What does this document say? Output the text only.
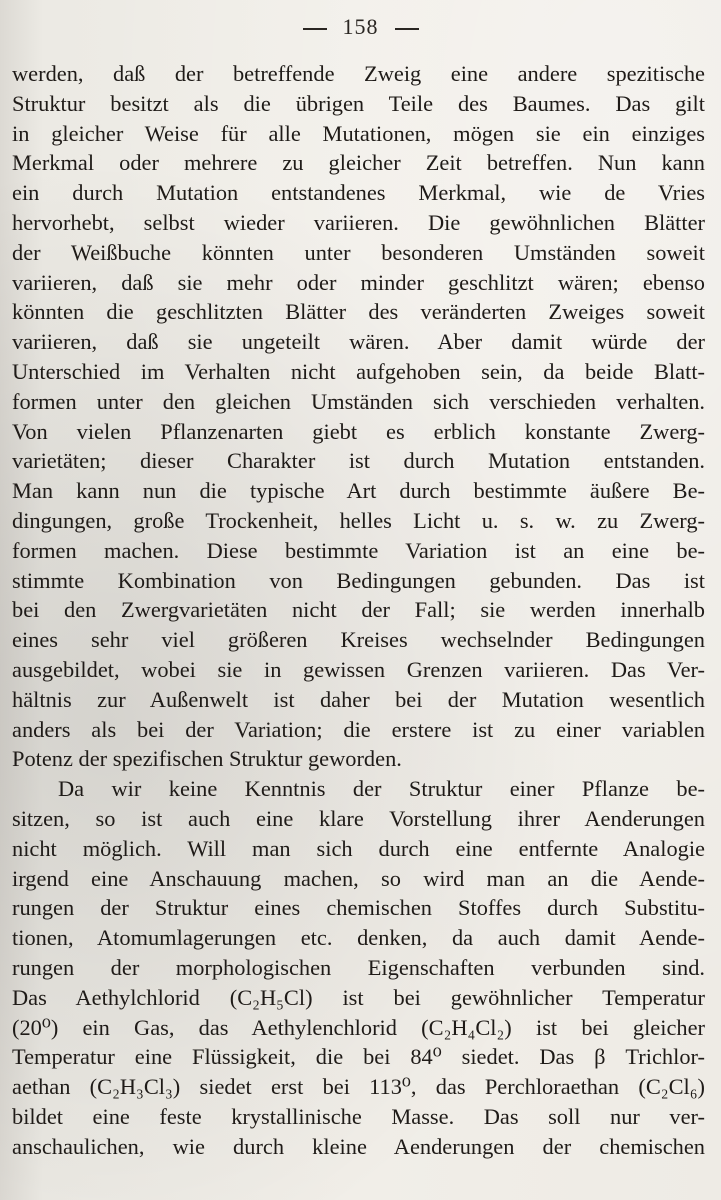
158
werden, daß der betreffende Zweig eine andere spezitische
Struktur besitzt als die übrigen Teile des Baumes. Das gilt
in gleicher Weise für alle Mutationen, mögen sie ein einziges
Merkmal oder mehrere zu gleicher Zeit betreffen. Nun kann
ein durch Mutation entstandenes Merkmal, wie de Vries
hervorhebt, selbst wieder variieren. Die gewöhnlichen Blätter
der Weißbuche könnten unter besonderen Umständen soweit
variieren, daß sie mehr oder minder geschlitzt wären; ebenso
könnten die geschlitzten Blätter des veränderten Zweiges soweit
variieren, daß sie ungeteilt wären. Aber damit würde der
Unterschied im Verhalten nicht aufgehoben sein, da beide Blatt-
formen unter den gleichen Umständen sich verschieden verhalten.
Von vielen Pflanzenarten giebt es erblich konstante Zwerg-
varietäten; dieser Charakter ist durch Mutation entstanden.
Man kann nun die typische Art durch bestimmte äußere Be-
dingungen, große Trockenheit, helles Licht u. s. w. zu Zwerg-
formen machen. Diese bestimmte Variation ist an eine be-
stimmte Kombination von Bedingungen gebunden. Das ist
bei den Zwergvarietäten nicht der Fall; sie werden innerhalb
eines sehr viel größeren Kreises wechselnder Bedingungen
ausgebildet, wobei sie in gewissen Grenzen variieren. Das Ver-
hältnis zur Außenwelt ist daher bei der Mutation wesentlich
anders als bei der Variation; die erstere ist zu einer variablen
Potenz der spezifischen Struktur geworden.
Da wir keine Kenntnis der Struktur einer Pflanze be-
sitzen, so ist auch eine klare Vorstellung ihrer Aenderungen
nicht möglich. Will man sich durch eine entfernte Analogie
irgend eine Anschauung machen, so wird man an die Aende-
rungen der Struktur eines chemischen Stoffes durch Substitu-
tionen, Atomumlagerungen etc. denken, da auch damit Aende-
rungen der morphologischen Eigenschaften verbunden sind.
Das Aethylchlorid (C₂H₅Cl) ist bei gewöhnlicher Temperatur
(20⁰) ein Gas, das Aethylenchlorid (C₂H₄Cl₂) ist bei gleicher
Temperatur eine Flüssigkeit, die bei 84⁰ siedet. Das β Trichlor-
aethan (C₂H₃Cl₃) siedet erst bei 113⁰, das Perchloraethan (C₂Cl₆)
bildet eine feste krystallinische Masse. Das soll nur ver-
anschaulichen, wie durch kleine Aenderungen der chemischen
